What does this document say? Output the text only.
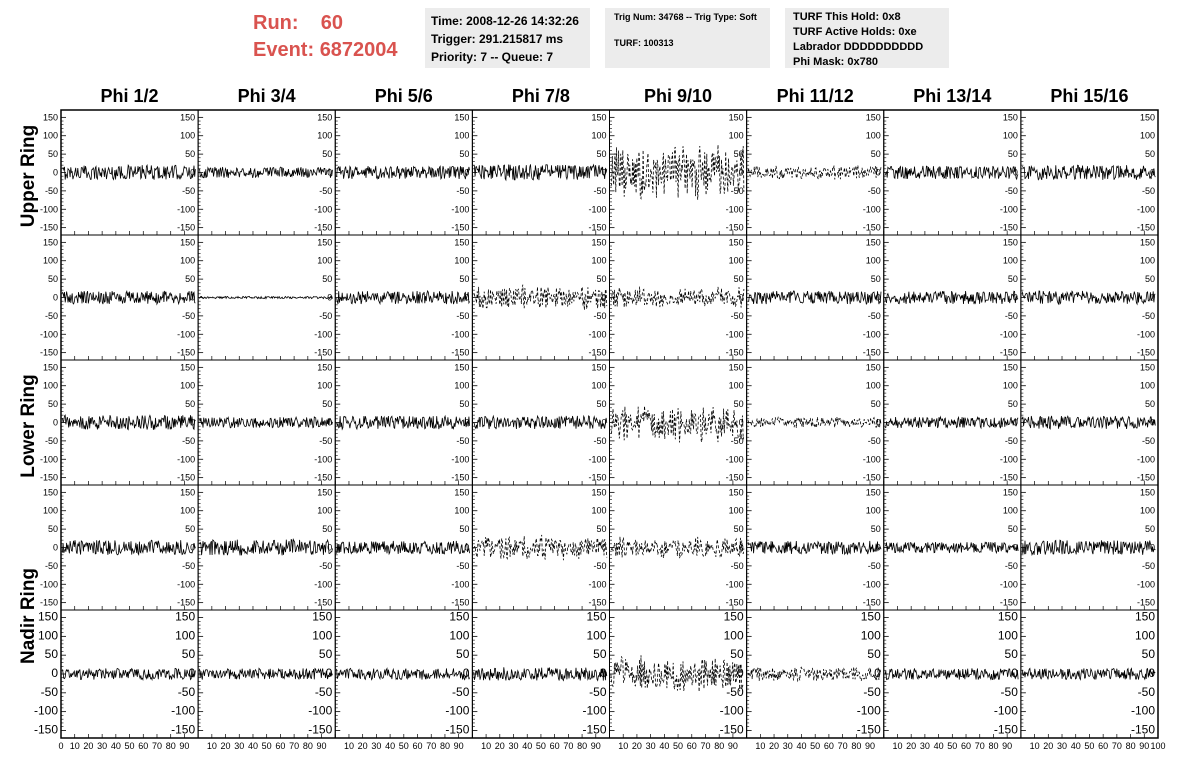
Run: 60
Event: 6872004
Time: 2008-12-26 14:32:26
Trigger: 291.215817 ms
Priority: 7 -- Queue: 7
Trig Num: 34768 -- Trig Type: Soft
TURF: 100313
TURF This Hold: 0x8
TURF Active Holds: 0xe
Labrador DDDDDDDDDD
Phi Mask: 0x780
Phi 1/2	Phi 3/4	Phi 5/6	Phi 7/8	Phi 9/10	Phi 11/12	Phi 13/14	Phi 15/16
Upper Ring
Lower Ring
Nadir Ring
-150
-100
-50
0
50
100
150
-150
-100
-50
0
50
100
150
-150
-100
-50
0
50
100
150
-150
-100
-50
0
50
100
150
-150
-100
-50
0
50
100
150
-150
-100
-50
0
50
100
150
-150
-100
-50
0
50
100
150
-150
-100
-50
0
50
100
150
-150
-100
-50
0
50
100
150
-150
-100
-50
0
50
100
150
-150
-100
-50
0
50
100
150
-150
-100
-50
0
50
100
150
-150
-100
-50
0
50
100
150
-150
-100
-50
0
50
100
150
-150
-100
-50
0
50
100
150
-150
-100
-50
0
50
100
150
-150
-100
-50
0
50
100
150
-150
-100
-50
0
50
100
150
-150
-100
-50
0
50
100
150
-150
-100
-50
0
50
100
150
-150
-100
-50
0
50
100
150
-150
-100
-50
0
50
100
150
-150
-100
-50
0
50
100
150
-150
-100
-50
0
50
100
150
-150
-100
-50
0
50
100
150
-150
-100
-50
0
50
100
150
-150
-100
-50
0
50
100
150
-150
-100
-50
0
50
100
150
-150
-100
-50
0
50
100
150
-150
-100
-50
0
50
100
150
-150
-100
-50
0
50
100
150
-150
-100
-50
0
50
100
150
-150
-100
-50
0
50
100
150
-150
-100
-50
0
50
100
150
-150
-100
-50
0
50
100
150
-150
-100
-50
0
50
100
150
-150
-100
-50
0
50
100
150
-150
-100
-50
0
50
100
150
-150
-100
-50
0
50
100
150
-150
-100
-50
0
50
100
150
-150
-100
-50
0
50
100
150
-150
-100
-50
0
50
100
150
-150
-100
-50
0
50
100
150
-150
-100
-50
0
50
100
150
-150
-100
-50
0
50
100
150
0 10 20 30 40 50 60 70 80 90 10 20 30 40 50 60 70 80 90 10 20 30 40 50 60 70 80 90 10 20 30 40 50 60 70 80 90 10 20 30 40 50 60 70 80 90 10 20 30 40 50 60 70 80 90 10 20 30 40 50 60 70 80 90 10 20 30 40 50 60 70 80 90 100
